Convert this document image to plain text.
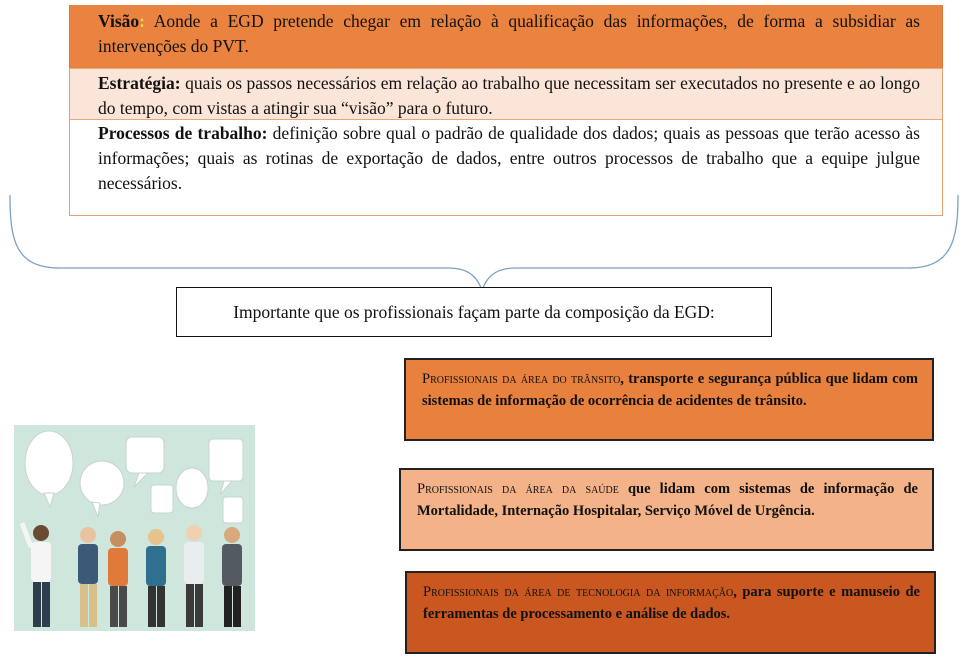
Visão: Aonde a EGD pretende chegar em relação à qualificação das informações, de forma a subsidiar as intervenções do PVT.
Estratégia: quais os passos necessários em relação ao trabalho que necessitam ser executados no presente e ao longo do tempo, com vistas a atingir sua “visão” para o futuro.
Processos de trabalho: definição sobre qual o padrão de qualidade dos dados; quais as pessoas que terão acesso às informações; quais as rotinas de exportação de dados, entre outros processos de trabalho que a equipe julgue necessários.
Importante que os profissionais façam parte da composição da EGD:
Profissionais da área do trânsito, transporte e segurança pública que lidam com sistemas de informação de ocorrência de acidentes de trânsito.
Profissionais da área da saúde que lidam com sistemas de informação de Mortalidade, Internação Hospitalar, Serviço Móvel de Urgência.
Profissionais da área de tecnologia da informação, para suporte e manuseio de ferramentas de processamento e análise de dados.
